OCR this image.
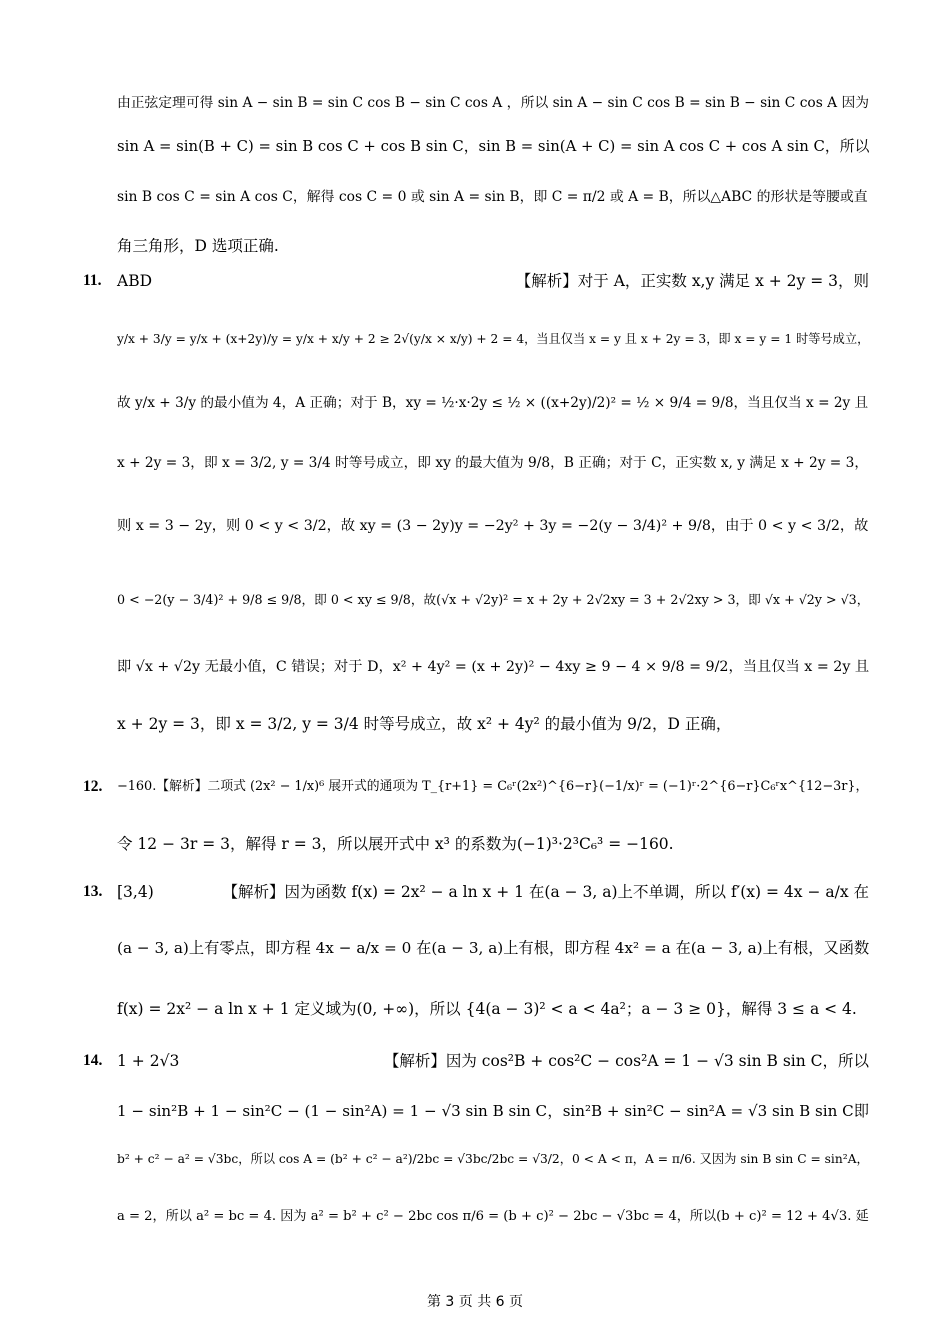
由正弦定理可得 sin A − sin B = sin C cos B − sin C cos A ， 所以 sin A − sin C cos B = sin B − sin C cos A 因为
sin A = sin(B + C) = sin B cos C + cos B sin C ， sin B = sin(A + C) = sin A cos C + cos A sin C ， 所 以
sin B cos C = sin A cos C，解得 cos C = 0 或 sin A = sin B，即 C = π/2 或 A = B，所以△ABC 的形状是等腰或直
角三角形，D 选项正确.
11. ABD	【解析】对于 A，正实数 x,y 满足 x + 2y = 3，则
y/x + 3/y = y/x + (x+2y)/y = y/x + x/y + 2 ≥ 2√(y/x × x/y) + 2 = 4，当且仅当 x = y 且 x + 2y = 3，即 x = y = 1 时等号成立，
故 y/x + 3/y 的最小值为 4，A 正确；对于 B，xy = ½·x·2y ≤ ½ × ((x+2y)/2)² = ½ × 9/4 = 9/8，当且仅当 x = 2y 且
x + 2y = 3，即 x = 3/2, y = 3/4 时等号成立，即 xy 的最大值为 9/8，B 正确；对于 C，正实数 x, y 满足 x + 2y = 3，
则 x = 3 − 2y，则 0 < y < 3/2，故 xy = (3 − 2y)y = −2y² + 3y = −2(y − 3/4)² + 9/8，由于 0 < y < 3/2，故
0 < −2(y − 3/4)² + 9/8 ≤ 9/8，即 0 < xy ≤ 9/8，故(√x + √2y)² = x + 2y + 2√2xy = 3 + 2√2xy > 3，即 √x + √2y > √3，
即 √x + √2y 无最小值，C 错误；对于 D，x² + 4y² = (x + 2y)² − 4xy ≥ 9 − 4 × 9/8 = 9/2，当且仅当 x = 2y 且
x + 2y = 3，即 x = 3/2, y = 3/4 时等号成立，故 x² + 4y² 的最小值为 9/2，D 正确，
12. −160.【解析】二项式 (2x² − 1/x)⁶ 展开式的通项为 T_{r+1} = C₆ʳ(2x²)^{6−r}(−1/x)ʳ = (−1)ʳ·2^{6−r}C₆ʳx^{12−3r}，
令 12 − 3r = 3，解得 r = 3，所以展开式中 x³ 的系数为(−1)³·2³C₆³ = −160.
13. [3,4)	【解析】因为函数 f(x) = 2x² − a ln x + 1 在(a − 3, a)上不单调，所以 f′(x) = 4x − a/x 在
(a − 3, a)上有零点，即方程 4x − a/x = 0 在(a − 3, a)上有根，即方程 4x² = a 在(a − 3, a)上有根，又函数
f(x) = 2x² − a ln x + 1 定义域为(0, +∞)，所以 {4(a − 3)² < a < 4a²；a − 3 ≥ 0}，解得 3 ≤ a < 4.
14. 1 + 2√3	【解析】因为 cos²B + cos²C − cos²A = 1 − √3 sin B sin C，所以
1 − sin²B + 1 − sin²C − (1 − sin²A) = 1 − √3 sin B sin C ， sin²B + sin²C − sin²A = √3 sin B sin C 即
b² + c² − a² = √3bc，所以 cos A = (b² + c² − a²)/2bc = √3bc/2bc = √3/2，0 < A < π，A = π/6. 又因为 sin B sin C = sin²A，
a = 2，所以 a² = bc = 4. 因为 a² = b² + c² − 2bc cos π/6 = (b + c)² − 2bc − √3bc = 4，所以(b + c)² = 12 + 4√3. 延
第 3 页 共 6 页
